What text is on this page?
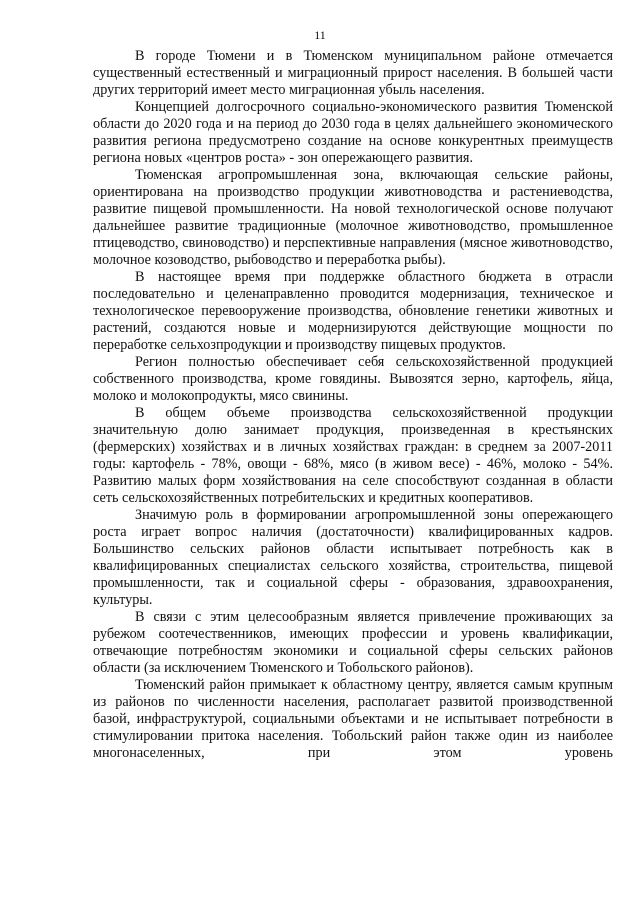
11

В городе Тюмени и в Тюменском муниципальном районе отмечается существенный естественный и миграционный прирост населения. В большей части других территорий имеет место миграционная убыль населения.

Концепцией долгосрочного социально-экономического развития Тюменской области до 2020 года и на период до 2030 года в целях дальнейшего экономического развития региона предусмотрено создание на основе конкурентных преимуществ региона новых «центров роста» - зон опережающего развития.

Тюменская агропромышленная зона, включающая сельские районы, ориентирована на производство продукции животноводства и растениеводства, развитие пищевой промышленности. На новой технологической основе получают дальнейшее развитие традиционные (молочное животноводство, промышленное птицеводство, свиноводство) и перспективные направления (мясное животноводство, молочное козоводство, рыбоводство и переработка рыбы).

В настоящее время при поддержке областного бюджета в отрасли последовательно и целенаправленно проводится модернизация, техническое и технологическое перевооружение производства, обновление генетики животных и растений, создаются новые и модернизируются действующие мощности по переработке сельхозпродукции и производству пищевых продуктов.

Регион полностью обеспечивает себя сельскохозяйственной продукцией собственного производства, кроме говядины. Вывозятся зерно, картофель, яйца, молоко и молокопродукты, мясо свинины.

В общем объеме производства сельскохозяйственной продукции значительную долю занимает продукция, произведенная в крестьянских (фермерских) хозяйствах и в личных хозяйствах граждан: в среднем за 2007-2011 годы: картофель - 78%, овощи - 68%, мясо (в живом весе) - 46%, молоко - 54%. Развитию малых форм хозяйствования на селе способствуют созданная в области сеть сельскохозяйственных потребительских и кредитных кооперативов.

Значимую роль в формировании агропромышленной зоны опережающего роста играет вопрос наличия (достаточности) квалифицированных кадров. Большинство сельских районов области испытывает потребность как в квалифицированных специалистах сельского хозяйства, строительства, пищевой промышленности, так и социальной сферы - образования, здравоохранения, культуры.

В связи с этим целесообразным является привлечение проживающих за рубежом соотечественников, имеющих профессии и уровень квалификации, отвечающие потребностям экономики и социальной сферы сельских районов области (за исключением Тюменского и Тобольского районов).

Тюменский район примыкает к областному центру, является самым крупным из районов по численности населения, располагает развитой производственной базой, инфраструктурой, социальными объектами и не испытывает потребности в стимулировании притока населения. Тобольский район также один из наиболее многонаселенных, при этом уровень
